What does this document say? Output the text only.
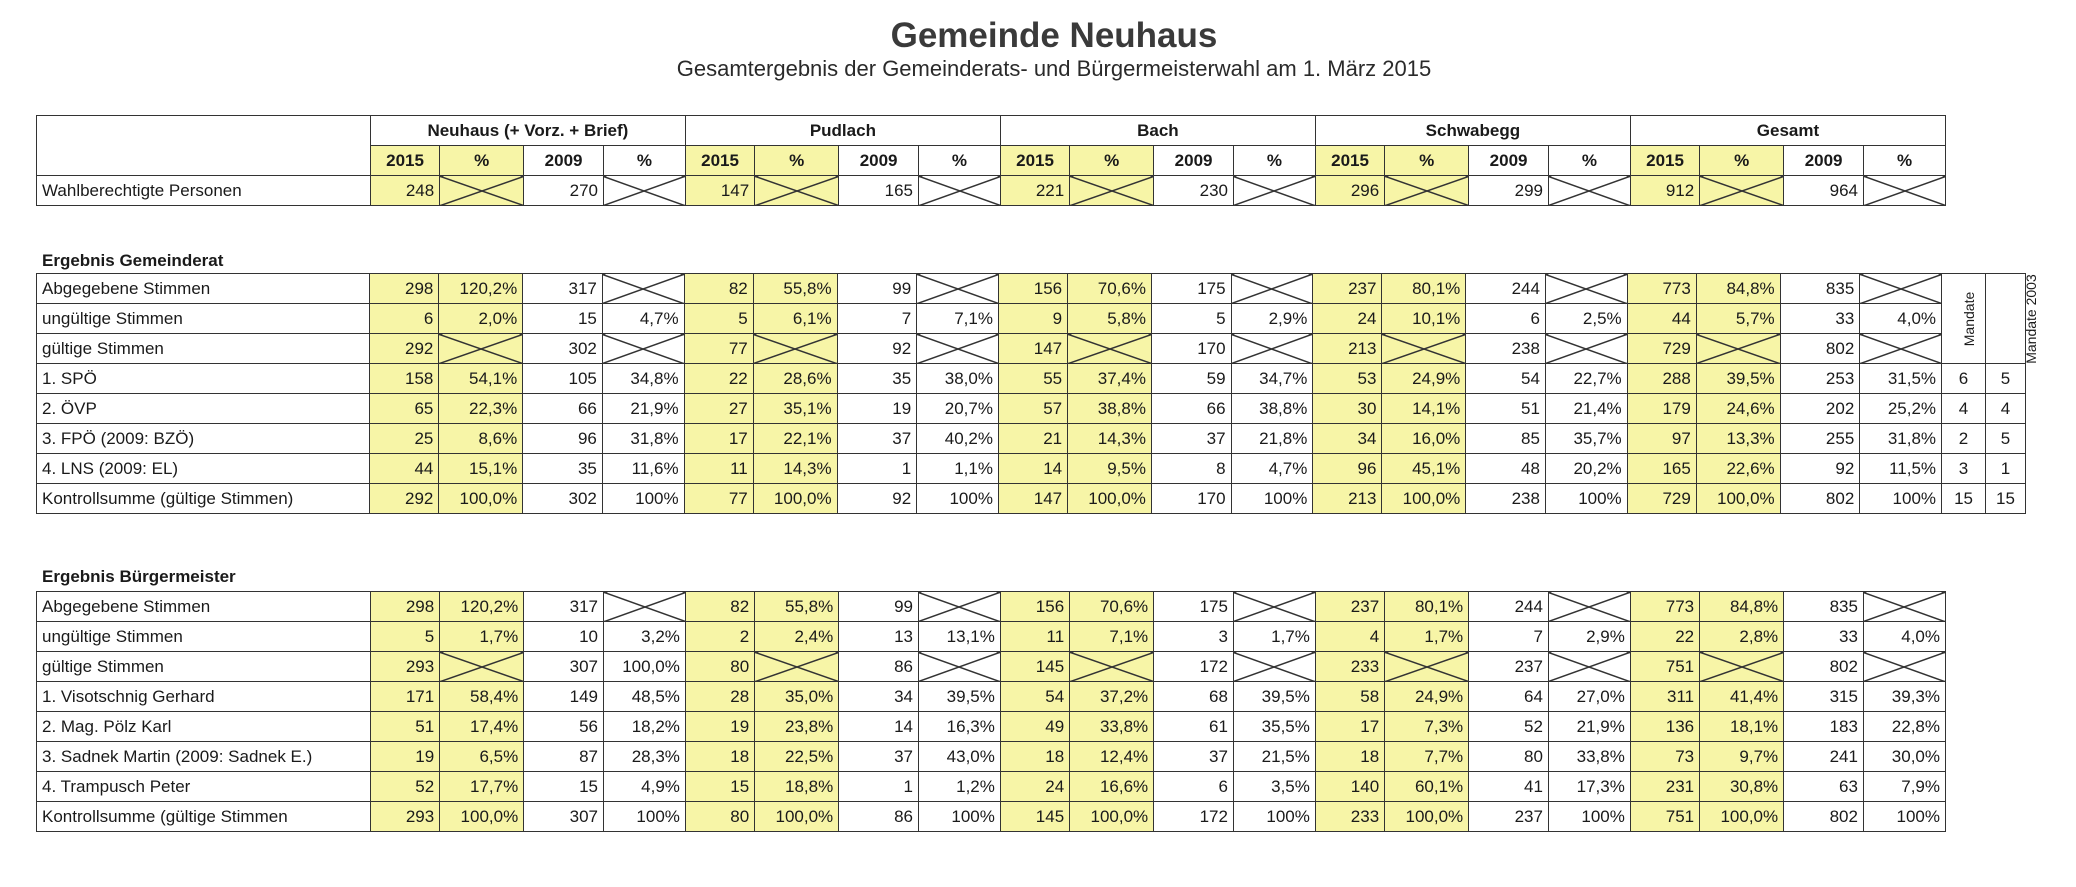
Gemeinde Neuhaus
Gesamtergebnis der Gemeinderats- und Bürgermeisterwahl am 1. März 2015
	Neuhaus (+ Vorz. + Brief)				Pudlach				Bach				Schwabegg				Gesamt			
	2015	%	2009	%	2015	%	2009	%	2015	%	2009	%	2015	%	2009	%	2015	%	2009	%
Wahlberechtigte Personen	248		270		147		165		221		230		296		299		912		964	
Ergebnis Gemeinderat
Abgegebene Stimmen	298	120,2%	317		82	55,8%	99		156	70,6%	175		237	80,1%	244		773	84,8%	835		Mandate	Mandate 2003
ungültige Stimmen	6	2,0%	15	4,7%	5	6,1%	7	7,1%	9	5,8%	5	2,9%	24	10,1%	6	2,5%	44	5,7%	33	4,0%		
gültige Stimmen	292		302		77		92		147		170		213		238		729		802			
1. SPÖ	158	54,1%	105	34,8%	22	28,6%	35	38,0%	55	37,4%	59	34,7%	53	24,9%	54	22,7%	288	39,5%	253	31,5%	6	5
2. ÖVP	65	22,3%	66	21,9%	27	35,1%	19	20,7%	57	38,8%	66	38,8%	30	14,1%	51	21,4%	179	24,6%	202	25,2%	4	4
3. FPÖ (2009: BZÖ)	25	8,6%	96	31,8%	17	22,1%	37	40,2%	21	14,3%	37	21,8%	34	16,0%	85	35,7%	97	13,3%	255	31,8%	2	5
4. LNS (2009: EL)	44	15,1%	35	11,6%	11	14,3%	1	1,1%	14	9,5%	8	4,7%	96	45,1%	48	20,2%	165	22,6%	92	11,5%	3	1
Kontrollsumme (gültige Stimmen)	292	100,0%	302	100%	77	100,0%	92	100%	147	100,0%	170	100%	213	100,0%	238	100%	729	100,0%	802	100%	15	15
Ergebnis Bürgermeister
Abgegebene Stimmen	298	120,2%	317		82	55,8%	99		156	70,6%	175		237	80,1%	244		773	84,8%	835	
ungültige Stimmen	5	1,7%	10	3,2%	2	2,4%	13	13,1%	11	7,1%	3	1,7%	4	1,7%	7	2,9%	22	2,8%	33	4,0%
gültige Stimmen	293		307	100,0%	80		86		145		172		233		237		751		802	
1. Visotschnig Gerhard	171	58,4%	149	48,5%	28	35,0%	34	39,5%	54	37,2%	68	39,5%	58	24,9%	64	27,0%	311	41,4%	315	39,3%
2. Mag. Pölz Karl	51	17,4%	56	18,2%	19	23,8%	14	16,3%	49	33,8%	61	35,5%	17	7,3%	52	21,9%	136	18,1%	183	22,8%
3. Sadnek Martin (2009: Sadnek E.)	19	6,5%	87	28,3%	18	22,5%	37	43,0%	18	12,4%	37	21,5%	18	7,7%	80	33,8%	73	9,7%	241	30,0%
4. Trampusch Peter	52	17,7%	15	4,9%	15	18,8%	1	1,2%	24	16,6%	6	3,5%	140	60,1%	41	17,3%	231	30,8%	63	7,9%
Kontrollsumme (gültige Stimmen	293	100,0%	307	100%	80	100,0%	86	100%	145	100,0%	172	100%	233	100,0%	237	100%	751	100,0%	802	100%
